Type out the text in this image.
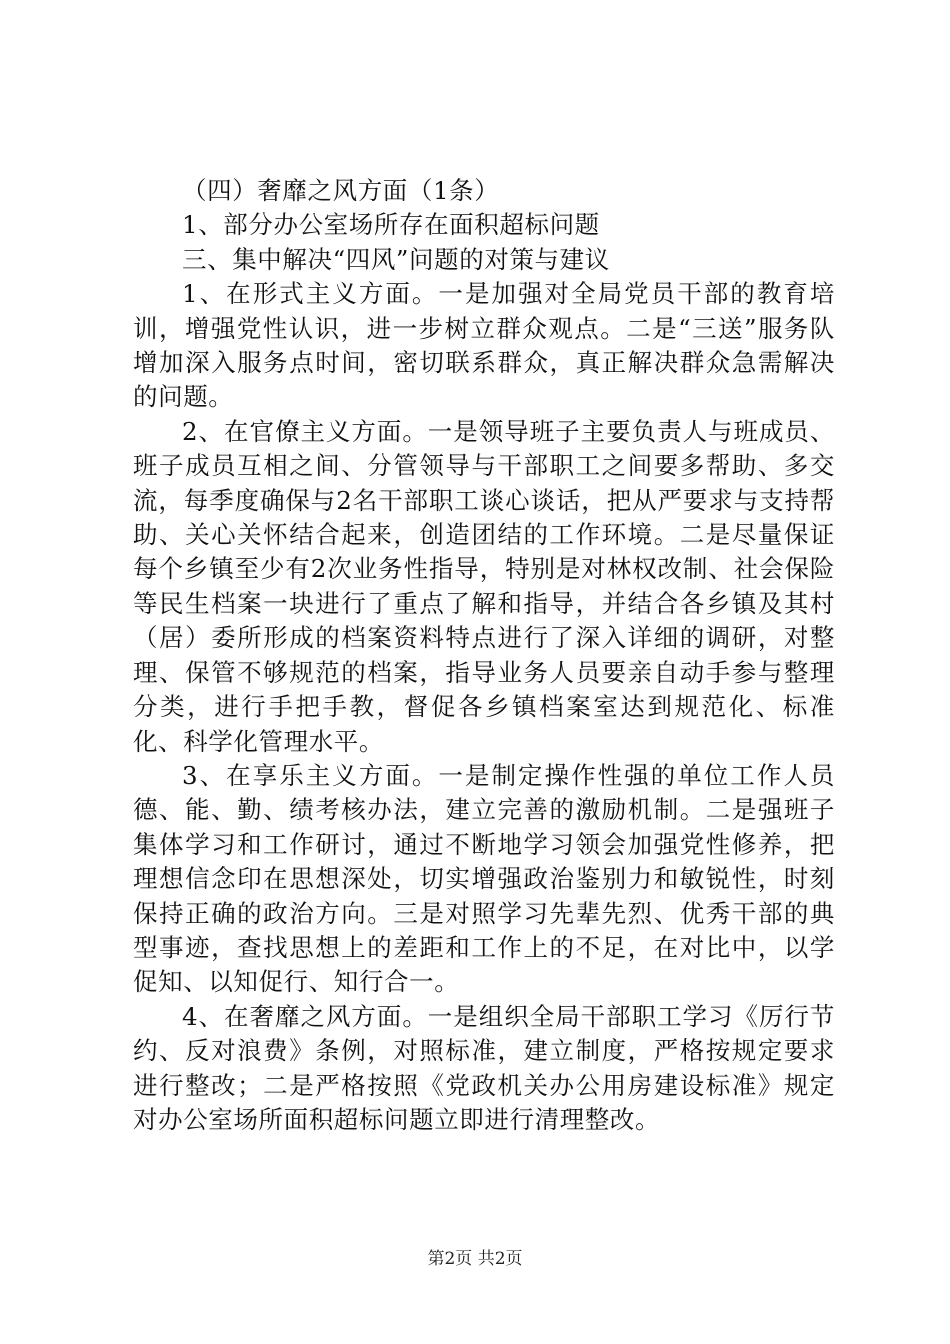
（四）奢靡之风方面（1条）

1、部分办公室场所存在面积超标问题

三、集中解决“四风”问题的对策与建议

1、在形式主义方面。一是加强对全局党员干部的教育培训，增强党性认识，进一步树立群众观点。二是“三送”服务队增加深入服务点时间，密切联系群众，真正解决群众急需解决的问题。

2、在官僚主义方面。一是领导班子主要负责人与班成员、班子成员互相之间、分管领导与干部职工之间要多帮助、多交流，每季度确保与2名干部职工谈心谈话，把从严要求与支持帮助、关心关怀结合起来，创造团结的工作环境。二是尽量保证每个乡镇至少有2次业务性指导，特别是对林权改制、社会保险等民生档案一块进行了重点了解和指导，并结合各乡镇及其村（居）委所形成的档案资料特点进行了深入详细的调研，对整理、保管不够规范的档案，指导业务人员要亲自动手参与整理分类，进行手把手教，督促各乡镇档案室达到规范化、标准化、科学化管理水平。

3、在享乐主义方面。一是制定操作性强的单位工作人员德、能、勤、绩考核办法，建立完善的激励机制。二是强班子集体学习和工作研讨，通过不断地学习领会加强党性修养，把理想信念印在思想深处，切实增强政治鉴别力和敏锐性，时刻保持正确的政治方向。三是对照学习先辈先烈、优秀干部的典型事迹，查找思想上的差距和工作上的不足，在对比中，以学促知、以知促行、知行合一。

4、在奢靡之风方面。一是组织全局干部职工学习《厉行节约、反对浪费》条例，对照标准，建立制度，严格按规定要求进行整改；二是严格按照《党政机关办公用房建设标准》规定对办公室场所面积超标问题立即进行清理整改。

第2页 共2页
